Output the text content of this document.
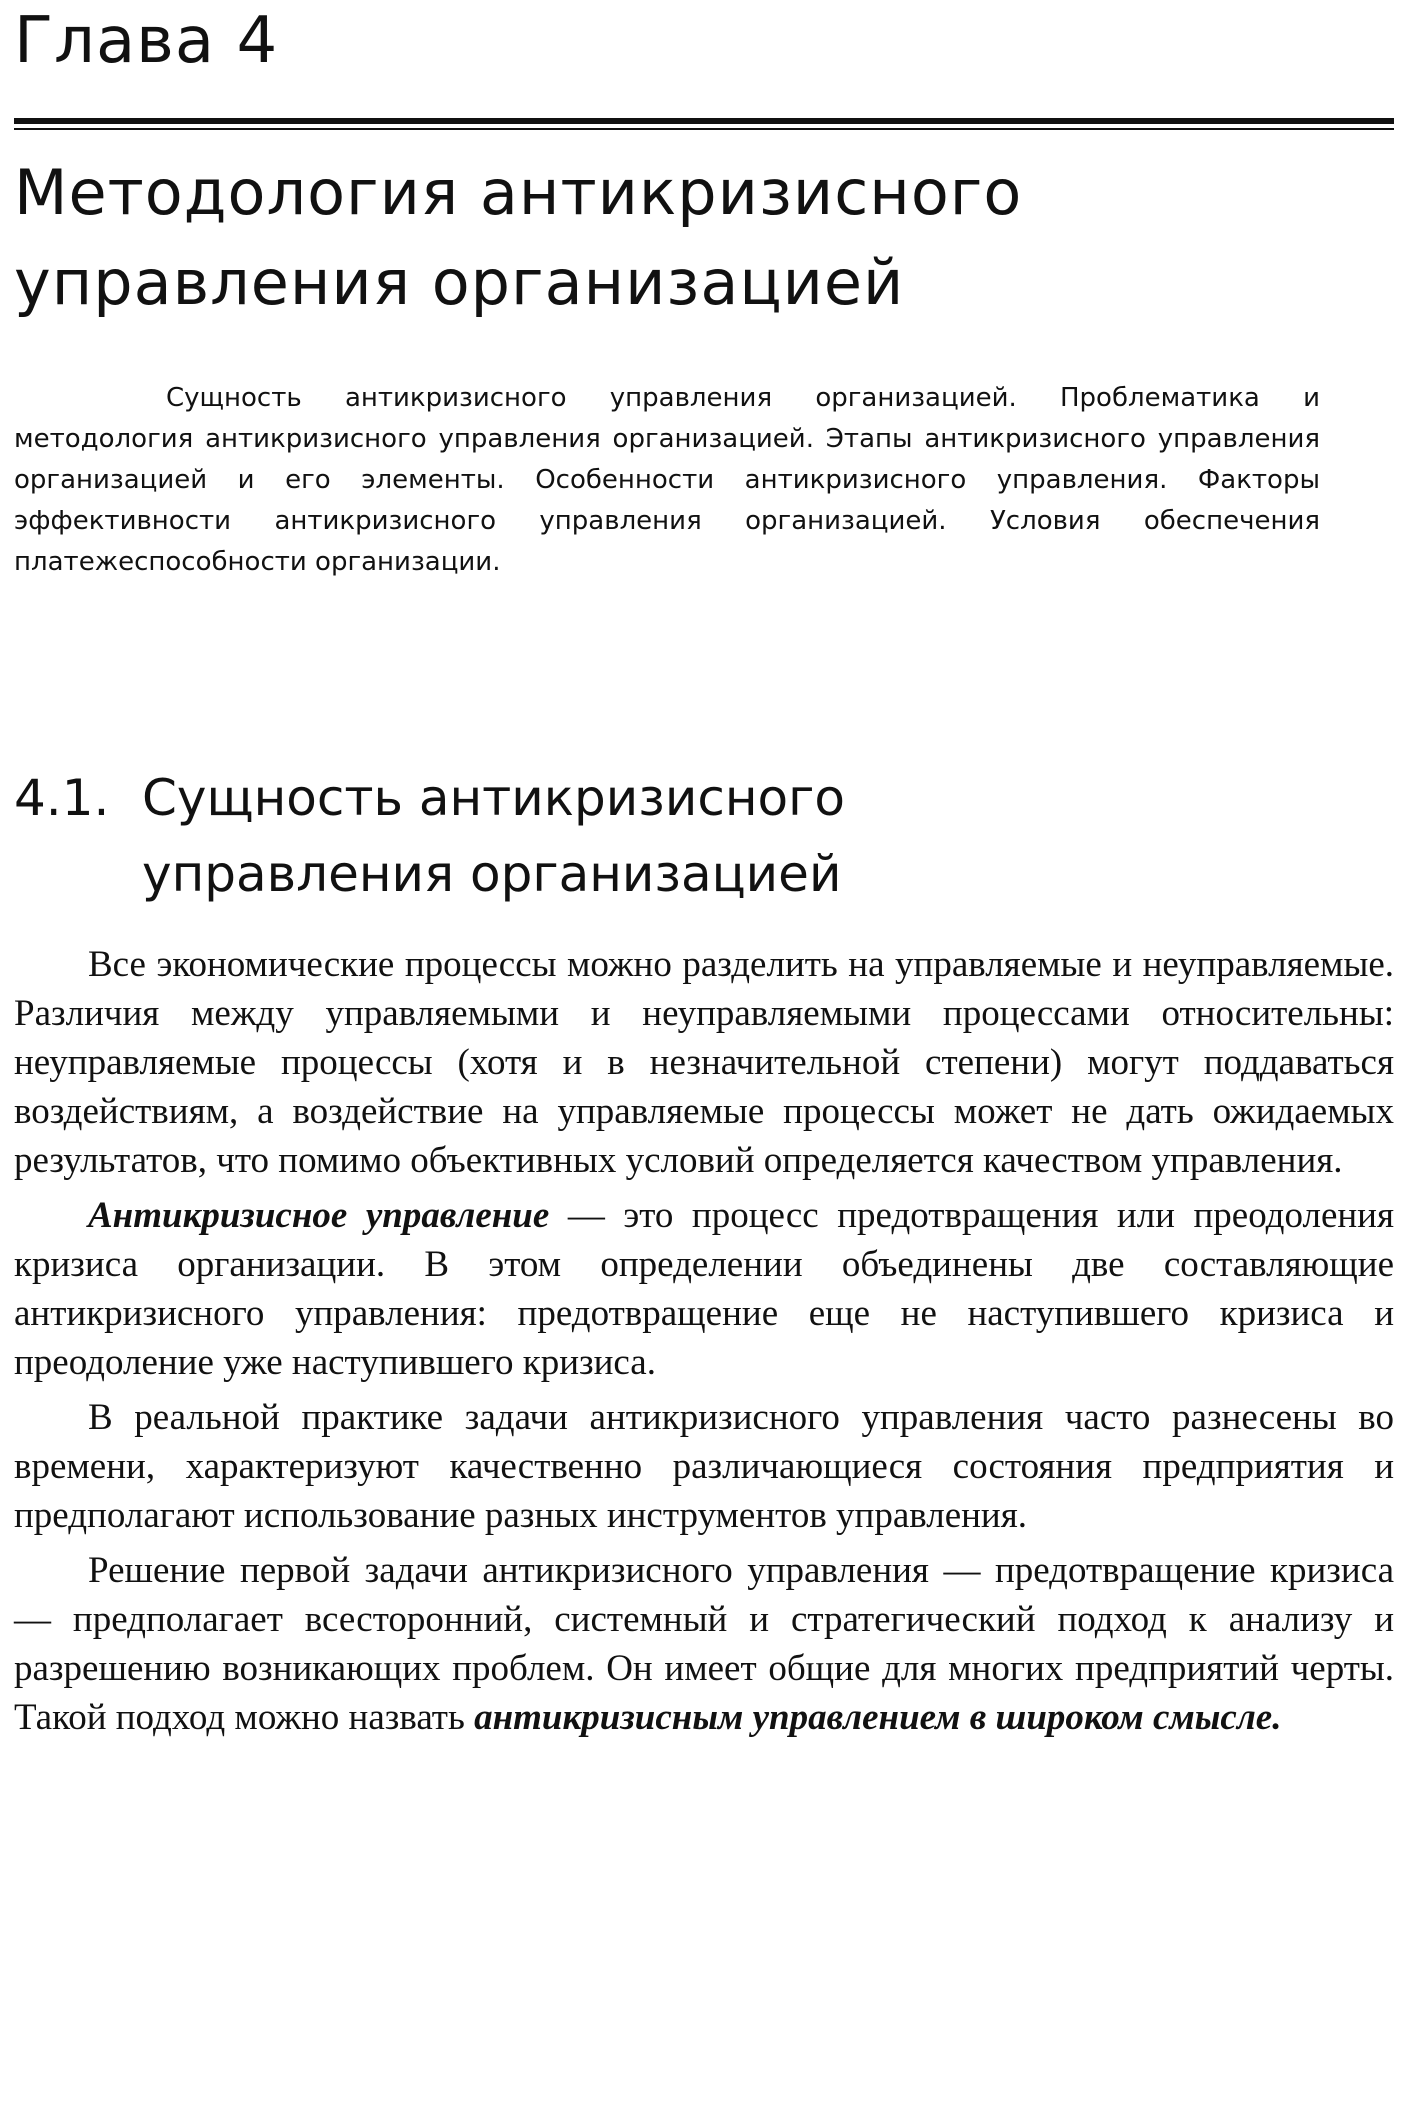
Глава 4
Методология антикризисного
управления организацией
Сущность антикризисного управления организацией. Проблематика и методология антикризисного управления организацией. Этапы антикризисного управления организацией и его элементы. Особенности антикризисного управления. Факторы эффективности антикризисного управления организацией. Условия обеспечения платежеспособности организации.
4.1. Сущность антикризисного
управления организацией

Все экономические процессы можно разделить на управляемые и неуправляемые. Различия между управляемыми и неуправляемыми процессами относительны: неуправляемые процессы (хотя и в незначительной степени) могут поддаваться воздействиям, а воздействие на управляемые процессы может не дать ожидаемых результатов, что помимо объективных условий определяется качеством управления.

Антикризисное управление — это процесс предотвращения или преодоления кризиса организации. В этом определении объединены две составляющие антикризисного управления: предотвращение еще не наступившего кризиса и преодоление уже наступившего кризиса.

В реальной практике задачи антикризисного управления часто разнесены во времени, характеризуют качественно различающиеся состояния предприятия и предполагают использование разных инструментов управления.

Решение первой задачи антикризисного управления — предотвращение кризиса — предполагает всесторонний, системный и стратегический подход к анализу и разрешению возникающих проблем. Он имеет общие для многих предприятий черты. Такой подход можно назвать антикризисным управлением в широком смысле.
